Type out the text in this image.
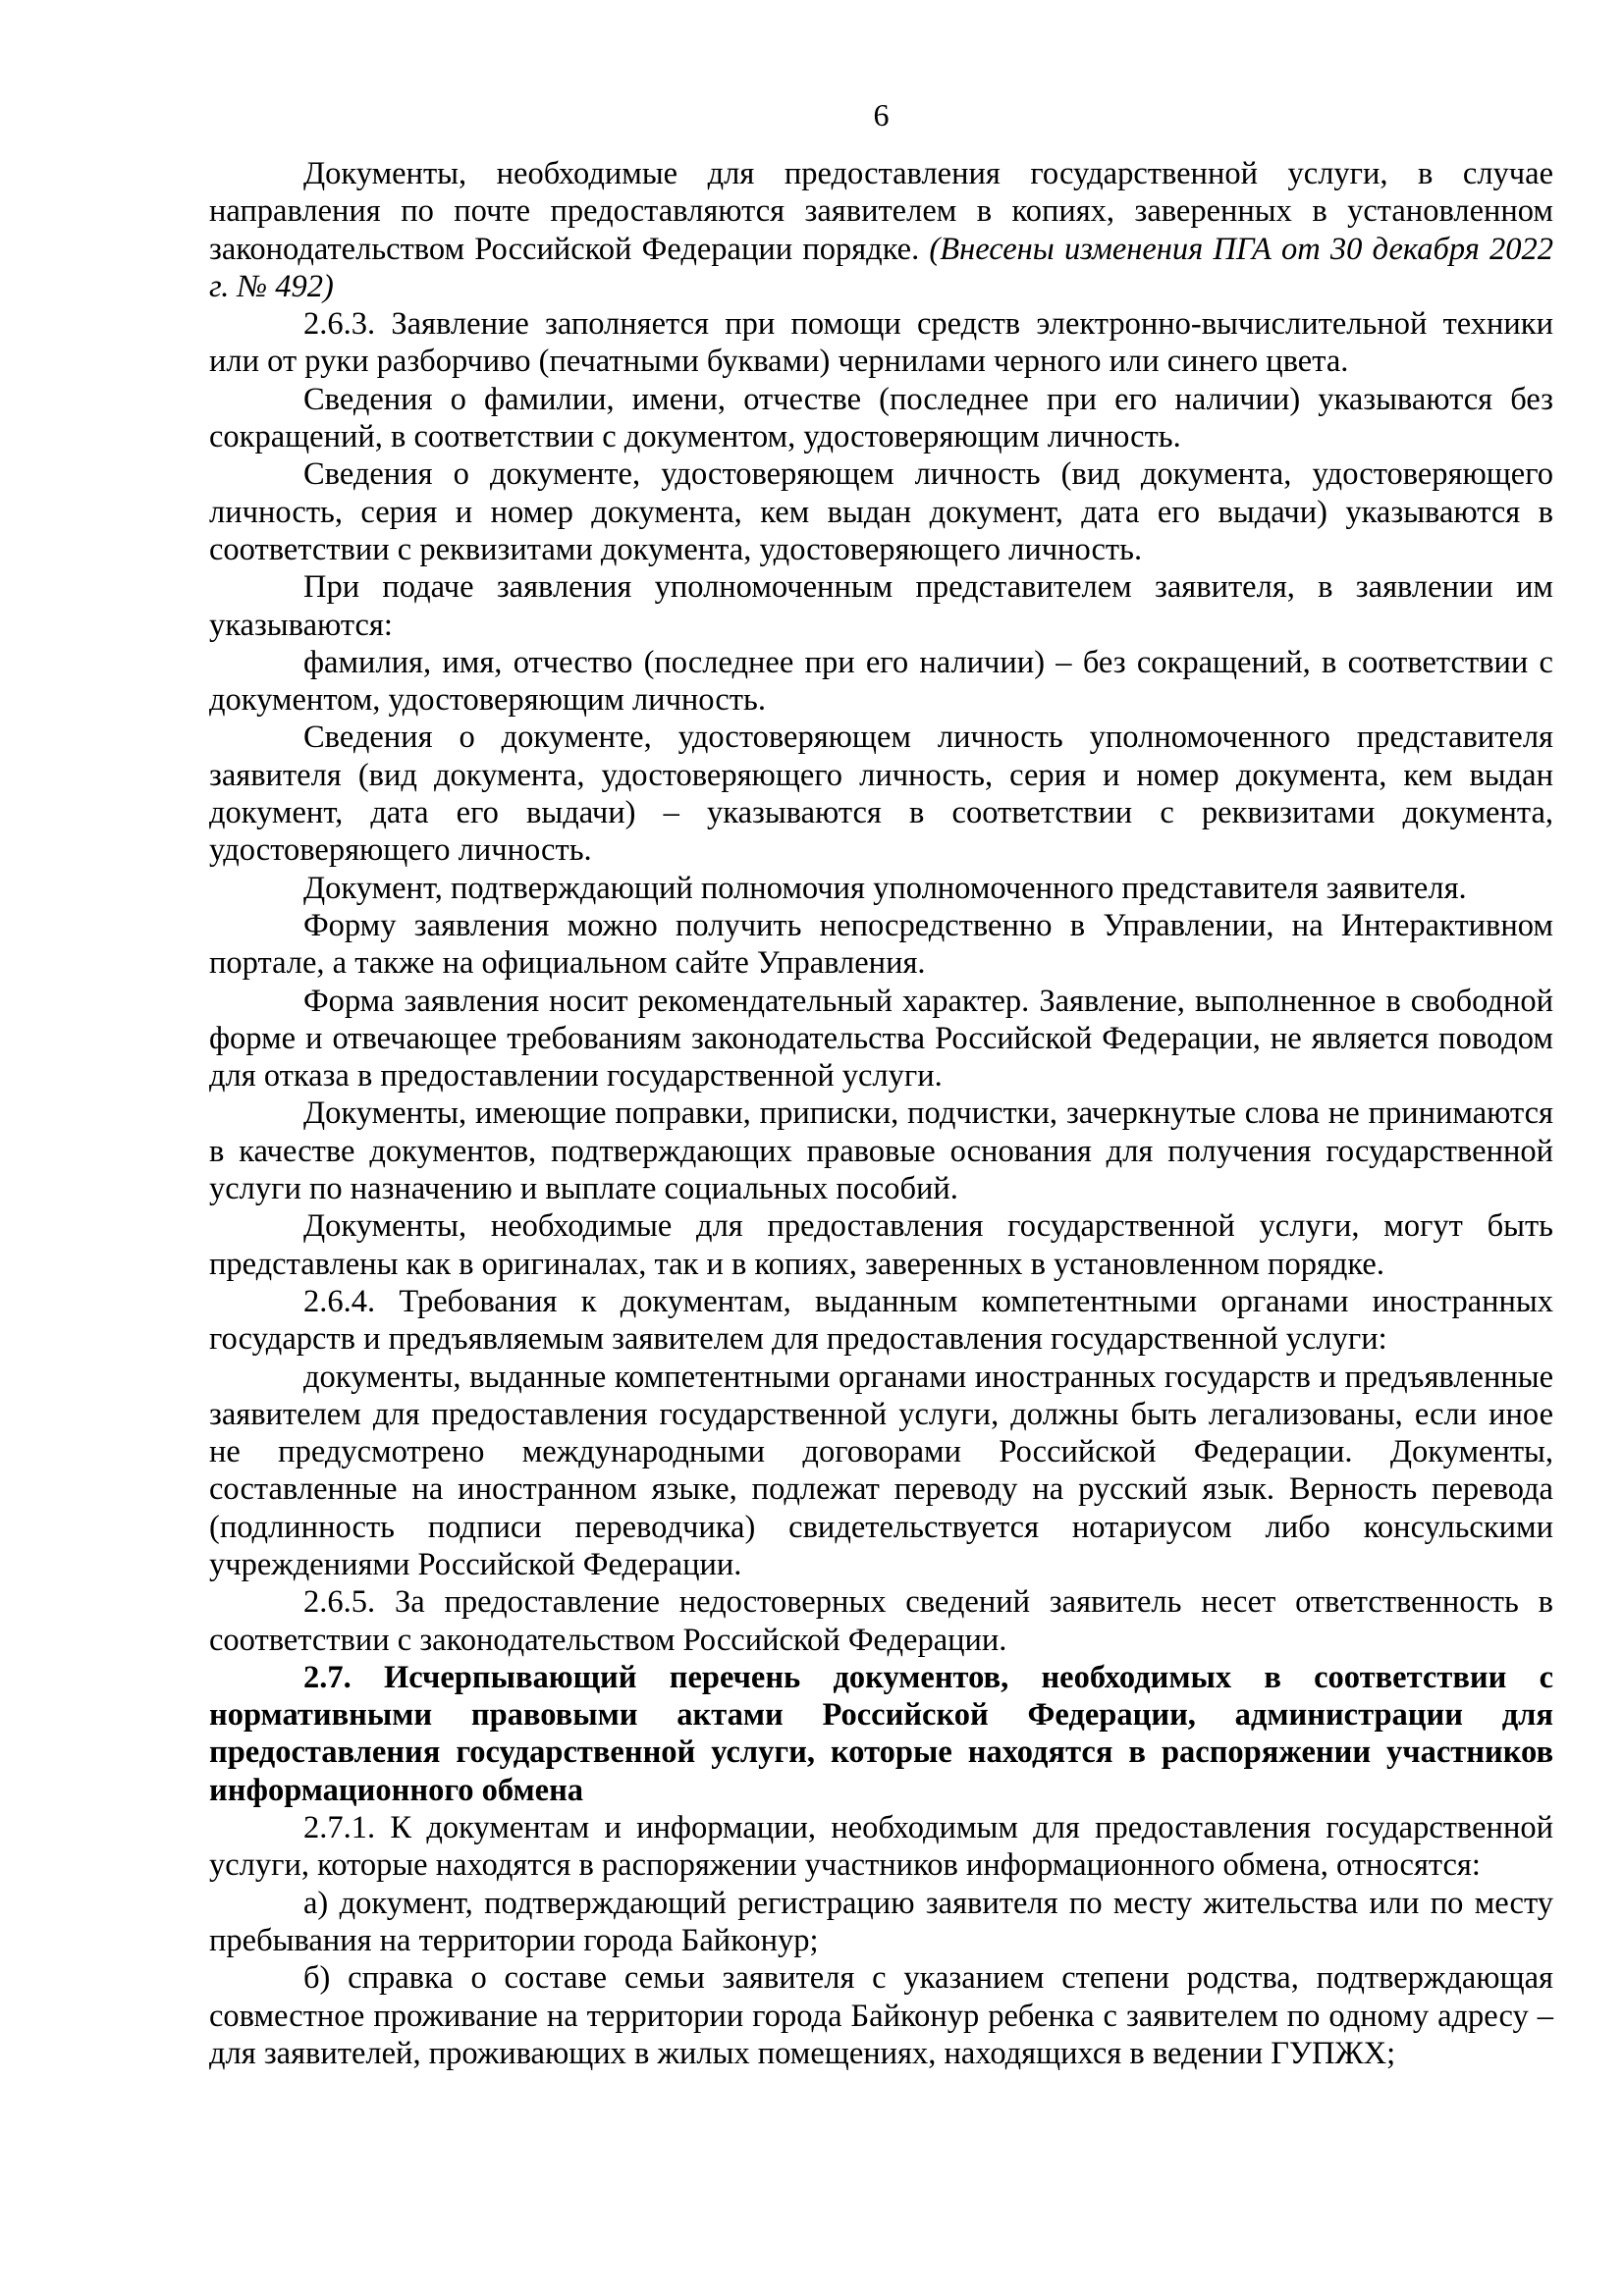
6

Документы, необходимые для предоставления государственной услуги, в случае направления по почте предоставляются заявителем в копиях, заверенных в установленном законодательством Российской Федерации порядке. (Внесены изменения ПГА от 30 декабря 2022 г. № 492)

2.6.3. Заявление заполняется при помощи средств электронно-вычислительной техники или от руки разборчиво (печатными буквами) чернилами черного или синего цвета.

Сведения о фамилии, имени, отчестве (последнее при его наличии) указываются без сокращений, в соответствии с документом, удостоверяющим личность.

Сведения о документе, удостоверяющем личность (вид документа, удостоверяющего личность, серия и номер документа, кем выдан документ, дата его выдачи) указываются в соответствии с реквизитами документа, удостоверяющего личность.

При подаче заявления уполномоченным представителем заявителя, в заявлении им указываются:

фамилия, имя, отчество (последнее при его наличии) – без сокращений, в соответствии с документом, удостоверяющим личность.

Сведения о документе, удостоверяющем личность уполномоченного представителя заявителя (вид документа, удостоверяющего личность, серия и номер документа, кем выдан документ, дата его выдачи) – указываются в соответствии с реквизитами документа, удостоверяющего личность.

Документ, подтверждающий полномочия уполномоченного представителя заявителя.

Форму заявления можно получить непосредственно в Управлении, на Интерактивном портале, а также на официальном сайте Управления.

Форма заявления носит рекомендательный характер. Заявление, выполненное в свободной форме и отвечающее требованиям законодательства Российской Федерации, не является поводом для отказа в предоставлении государственной услуги.

Документы, имеющие поправки, приписки, подчистки, зачеркнутые слова не принимаются в качестве документов, подтверждающих правовые основания для получения государственной услуги по назначению и выплате социальных пособий.

Документы, необходимые для предоставления государственной услуги, могут быть представлены как в оригиналах, так и в копиях, заверенных в установленном порядке.

2.6.4. Требования к документам, выданным компетентными органами иностранных государств и предъявляемым заявителем для предоставления государственной услуги:

документы, выданные компетентными органами иностранных государств и предъявленные заявителем для предоставления государственной услуги, должны быть легализованы, если иное не предусмотрено международными договорами Российской Федерации. Документы, составленные на иностранном языке, подлежат переводу на русский язык. Верность перевода (подлинность подписи переводчика) свидетельствуется нотариусом либо консульскими учреждениями Российской Федерации.

2.6.5. За предоставление недостоверных сведений заявитель несет ответственность в соответствии с законодательством Российской Федерации.

2.7. Исчерпывающий перечень документов, необходимых в соответствии с нормативными правовыми актами Российской Федерации, администрации для предоставления государственной услуги, которые находятся в распоряжении участников информационного обмена

2.7.1. К документам и информации, необходимым для предоставления государственной услуги, которые находятся в распоряжении участников информационного обмена, относятся:

а) документ, подтверждающий регистрацию заявителя по месту жительства или по месту пребывания на территории города Байконур;

б) справка о составе семьи заявителя с указанием степени родства, подтверждающая совместное проживание на территории города Байконур ребенка с заявителем по одному адресу – для заявителей, проживающих в жилых помещениях, находящихся в ведении ГУПЖХ;
